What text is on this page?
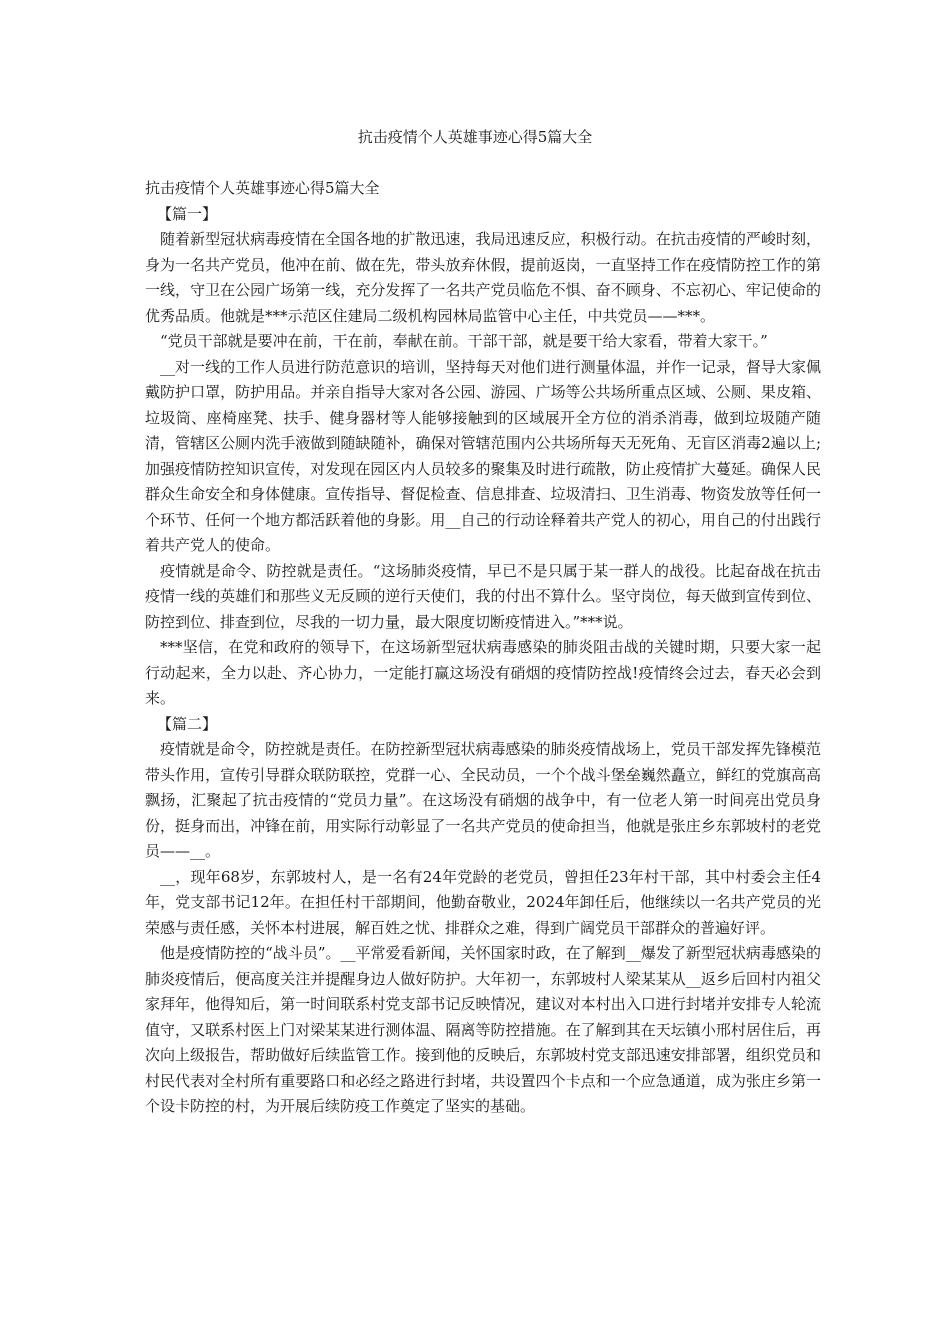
抗击疫情个人英雄事迹心得5篇大全

抗击疫情个人英雄事迹心得5篇大全

【篇一】

随着新型冠状病毒疫情在全国各地的扩散迅速，我局迅速反应，积极行动。在抗击疫情的严峻时刻，身为一名共产党员，他冲在前、做在先，带头放弃休假，提前返岗，一直坚持工作在疫情防控工作的第一线，守卫在公园广场第一线，充分发挥了一名共产党员临危不惧、奋不顾身、不忘初心、牢记使命的优秀品质。他就是***示范区住建局二级机构园林局监管中心主任，中共党员——***。

“党员干部就是要冲在前，干在前，奉献在前。干部干部，就是要干给大家看，带着大家干。”

__对一线的工作人员进行防范意识的培训，坚持每天对他们进行测量体温，并作一记录，督导大家佩戴防护口罩，防护用品。并亲自指导大家对各公园、游园、广场等公共场所重点区域、公厕、果皮箱、垃圾筒、座椅座凳、扶手、健身器材等人能够接触到的区域展开全方位的消杀消毒，做到垃圾随产随清，管辖区公厕内洗手液做到随缺随补，确保对管辖范围内公共场所每天无死角、无盲区消毒2遍以上;加强疫情防控知识宣传，对发现在园区内人员较多的聚集及时进行疏散，防止疫情扩大蔓延。确保人民群众生命安全和身体健康。宣传指导、督促检查、信息排查、垃圾清扫、卫生消毒、物资发放等任何一个环节、任何一个地方都活跃着他的身影。用__自己的行动诠释着共产党人的初心，用自己的付出践行着共产党人的使命。

疫情就是命令、防控就是责任。“这场肺炎疫情，早已不是只属于某一群人的战役。比起奋战在抗击疫情一线的英雄们和那些义无反顾的逆行天使们，我的付出不算什么。坚守岗位，每天做到宣传到位、防控到位、排查到位，尽我的一切力量，最大限度切断疫情进入。”***说。

***坚信，在党和政府的领导下，在这场新型冠状病毒感染的肺炎阻击战的关键时期，只要大家一起行动起来，全力以赴、齐心协力，一定能打赢这场没有硝烟的疫情防控战!疫情终会过去，春天必会到来。

【篇二】

疫情就是命令，防控就是责任。在防控新型冠状病毒感染的肺炎疫情战场上，党员干部发挥先锋模范带头作用，宣传引导群众联防联控，党群一心、全民动员，一个个战斗堡垒巍然矗立，鲜红的党旗高高飘扬，汇聚起了抗击疫情的“党员力量”。在这场没有硝烟的战争中，有一位老人第一时间亮出党员身份，挺身而出，冲锋在前，用实际行动彰显了一名共产党员的使命担当，他就是张庄乡东郭坡村的老党员——__。

__，现年68岁，东郭坡村人，是一名有24年党龄的老党员，曾担任23年村干部，其中村委会主任4年，党支部书记12年。在担任村干部期间，他勤奋敬业，2024年卸任后，他继续以一名共产党员的光荣感与责任感，关怀本村进展，解百姓之忧、排群众之难，得到广阔党员干部群众的普遍好评。

他是疫情防控的“战斗员”。__平常爱看新闻，关怀国家时政，在了解到__爆发了新型冠状病毒感染的肺炎疫情后，便高度关注并提醒身边人做好防护。大年初一，东郭坡村人梁某某从__返乡后回村内祖父家拜年，他得知后，第一时间联系村党支部书记反映情况，建议对本村出入口进行封堵并安排专人轮流值守，又联系村医上门对梁某某进行测体温、隔离等防控措施。在了解到其在天坛镇小邢村居住后，再次向上级报告，帮助做好后续监管工作。接到他的反映后，东郭坡村党支部迅速安排部署，组织党员和村民代表对全村所有重要路口和必经之路进行封堵，共设置四个卡点和一个应急通道，成为张庄乡第一个设卡防控的村，为开展后续防疫工作奠定了坚实的基础。
